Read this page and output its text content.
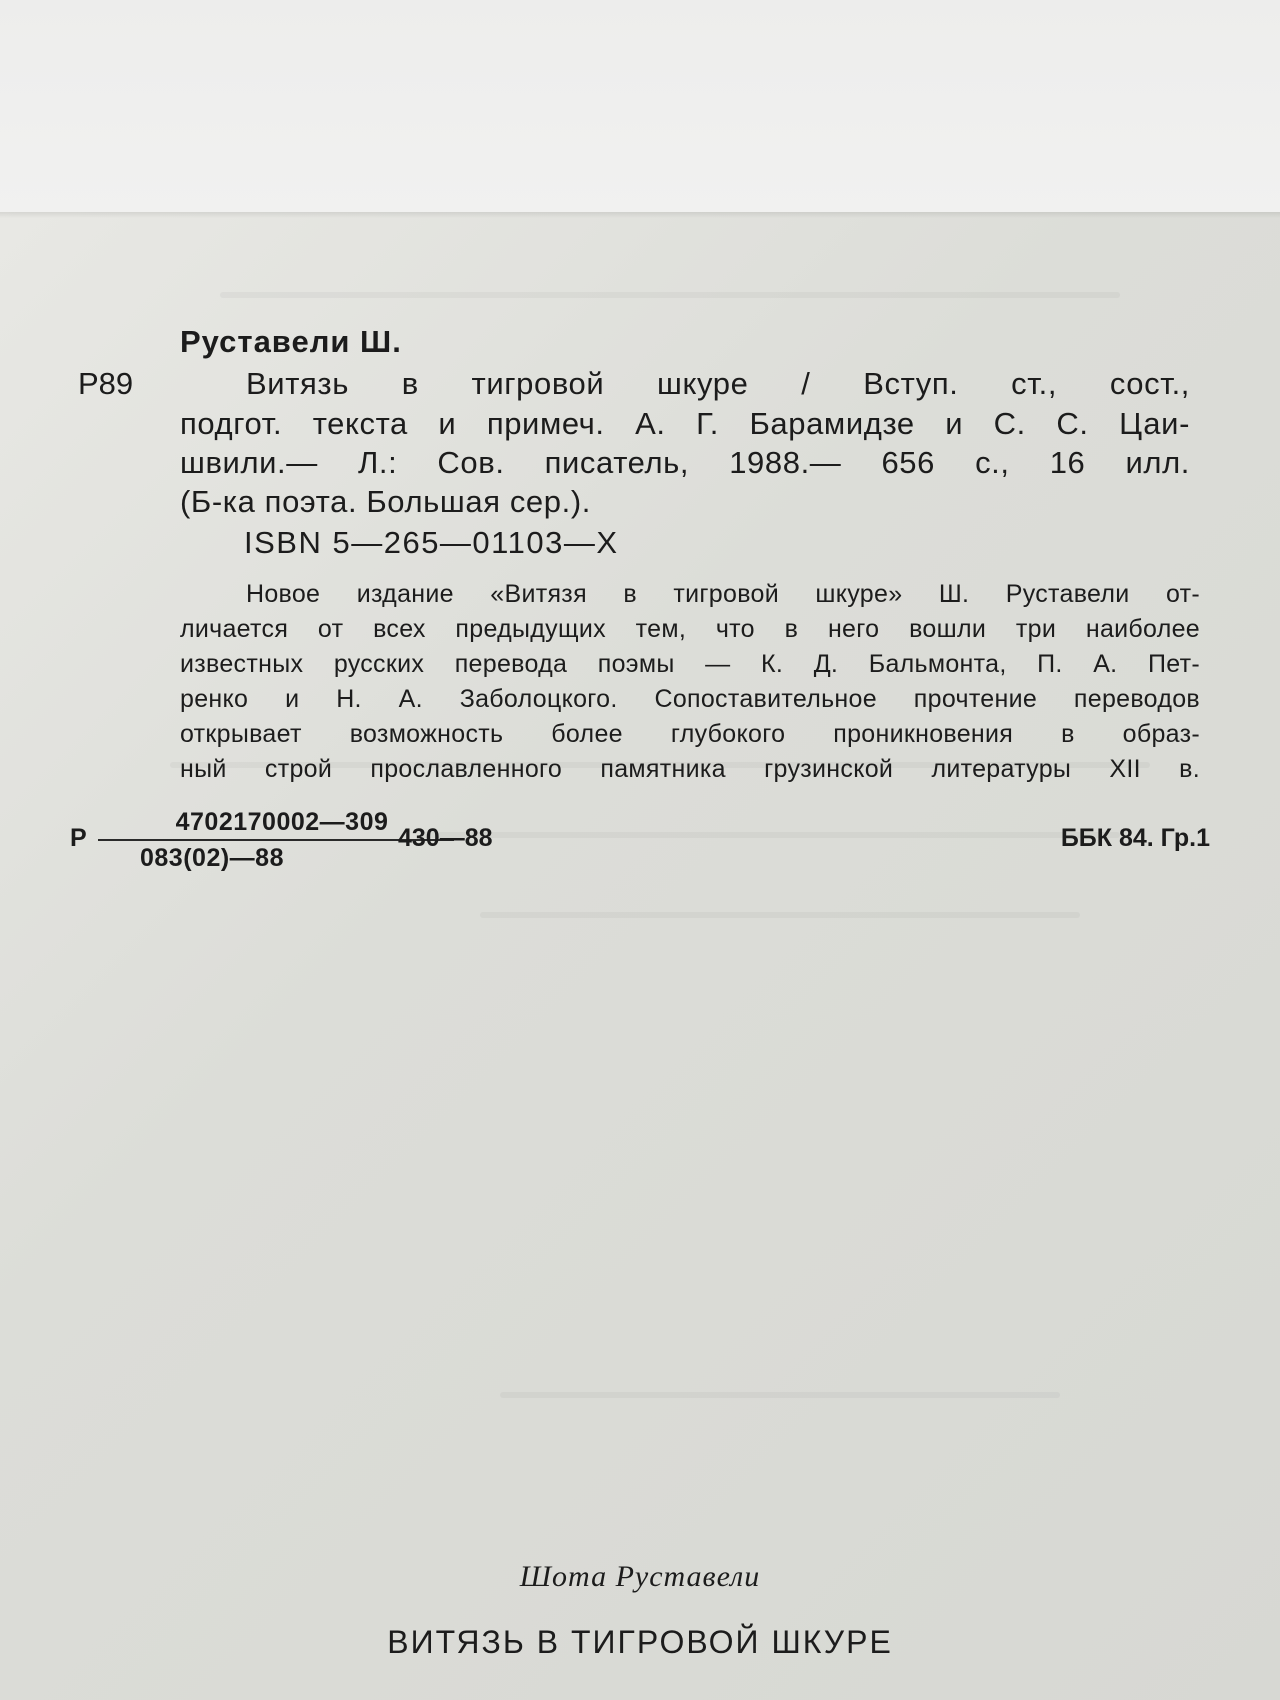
Руставели Ш.

Р89	Витязь в тигровой шкуре / Вступ. ст., сост.,

подгот. текста и примеч. А. Г. Барамидзе и С. С. Цаи-

швили.— Л.: Сов. писатель, 1988.— 656 с., 16 илл.

(Б-ка поэта. Большая сер.).

ISBN 5—265—01103—X

Новое издание «Витязя в тигровой шкуре» Ш. Руставели от-

личается от всех предыдущих тем, что в него вошли три наиболее

известных русских перевода поэмы — К. Д. Бальмонта, П. А. Пет-

ренко и Н. А. Заболоцкого. Сопоставительное прочтение переводов

открывает возможность более глубокого проникновения в образ-

ный строй прославленного памятника грузинской литературы XII в.

Р
4702170002—309
083(02)—88
430—88	ББК 84. Гр.1

Шота Руставели

ВИТЯЗЬ В ТИГРОВОЙ ШКУРЕ
